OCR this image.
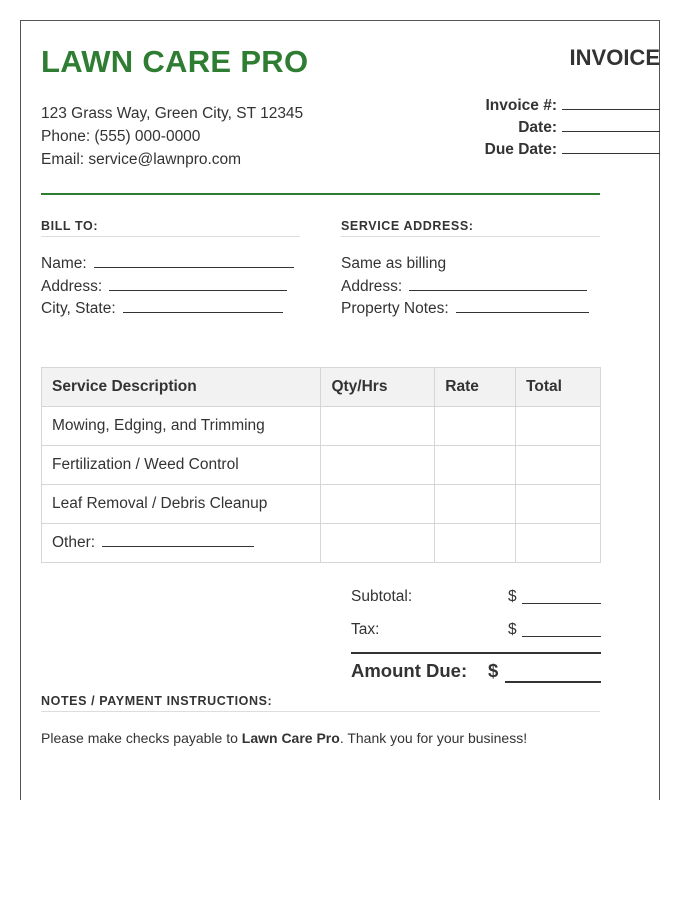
LAWN CARE PRO
123 Grass Way, Green City, ST 12345
Phone: (555) 000-0000
Email: service@lawnpro.com
INVOICE
Invoice #:
Date:
Due Date:
BILL TO:	SERVICE ADDRESS:
Name:
Address:
City, State:
Same as billing
Address:
Property Notes:
Service Description	Qty/Hrs	Rate	Total
Mowing, Edging, and Trimming			
Fertilization / Weed Control			
Leaf Removal / Debris Cleanup			
Other:			
Subtotal:	$
Tax:	$
Amount Due: $
NOTES / PAYMENT INSTRUCTIONS:
Please make checks payable to Lawn Care Pro. Thank you for your business!
